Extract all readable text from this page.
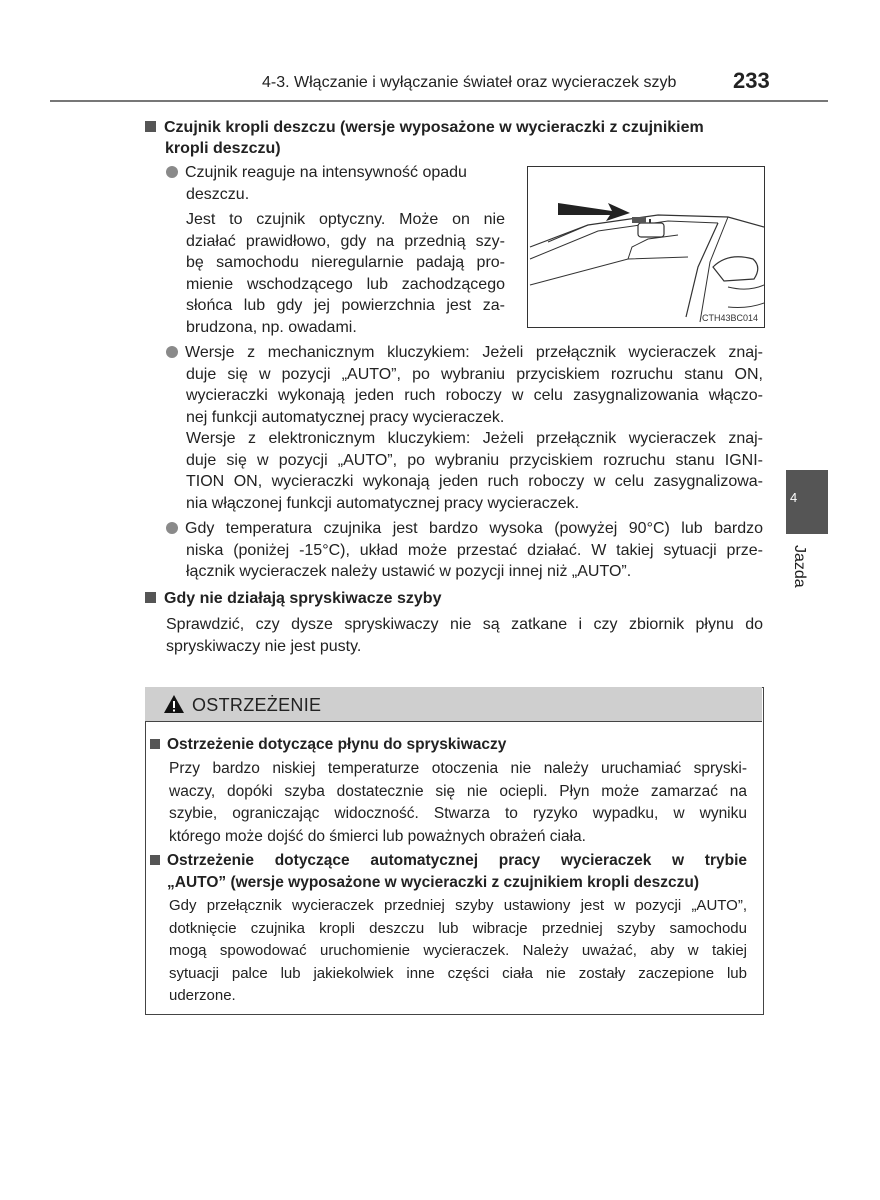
4-3. Włączanie i wyłączanie świateł oraz wycieraczek szyb	233
4
Jazda
Czujnik kropli deszczu (wersje wyposażone w wycieraczki z czujnikiem
kropli deszczu)
Czujnik reaguje na intensywność opadu
deszczu.
Jest to czujnik optyczny. Może on nie
działać prawidłowo, gdy na przednią szy-
bę samochodu nieregularnie padają pro-
mienie wschodzącego lub zachodzącego
słońca lub gdy jej powierzchnia jest za-
brudzona, np. owadami.
CTH43BC014
Wersje z mechanicznym kluczykiem: Jeżeli przełącznik wycieraczek znaj-
duje się w pozycji „AUTO”, po wybraniu przyciskiem rozruchu stanu ON,
wycieraczki wykonają jeden ruch roboczy w celu zasygnalizowania włączo-
nej funkcji automatycznej pracy wycieraczek.
Wersje z elektronicznym kluczykiem: Jeżeli przełącznik wycieraczek znaj-
duje się w pozycji „AUTO”, po wybraniu przyciskiem rozruchu stanu IGNI-
TION ON, wycieraczki wykonają jeden ruch roboczy w celu zasygnalizowa-
nia włączonej funkcji automatycznej pracy wycieraczek.
Gdy temperatura czujnika jest bardzo wysoka (powyżej 90°C) lub bardzo
niska (poniżej -15°C), układ może przestać działać. W takiej sytuacji prze-
łącznik wycieraczek należy ustawić w pozycji innej niż „AUTO”.
Gdy nie działają spryskiwacze szyby
Sprawdzić, czy dysze spryskiwaczy nie są zatkane i czy zbiornik płynu do
spryskiwaczy nie jest pusty.
OSTRZEŻENIE
Ostrzeżenie dotyczące płynu do spryskiwaczy
Przy bardzo niskiej temperaturze otoczenia nie należy uruchamiać spryski-
waczy, dopóki szyba dostatecznie się nie ociepli. Płyn może zamarzać na
szybie, ograniczając widoczność. Stwarza to ryzyko wypadku, w wyniku
którego może dojść do śmierci lub poważnych obrażeń ciała.
Ostrzeżenie dotyczące automatycznej pracy wycieraczek w trybie
„AUTO” (wersje wyposażone w wycieraczki z czujnikiem kropli deszczu)
Gdy przełącznik wycieraczek przedniej szyby ustawiony jest w pozycji „AUTO”,
dotknięcie czujnika kropli deszczu lub wibracje przedniej szyby samochodu
mogą spowodować uruchomienie wycieraczek. Należy uważać, aby w takiej
sytuacji palce lub jakiekolwiek inne części ciała nie zostały zaczepione lub
uderzone.
